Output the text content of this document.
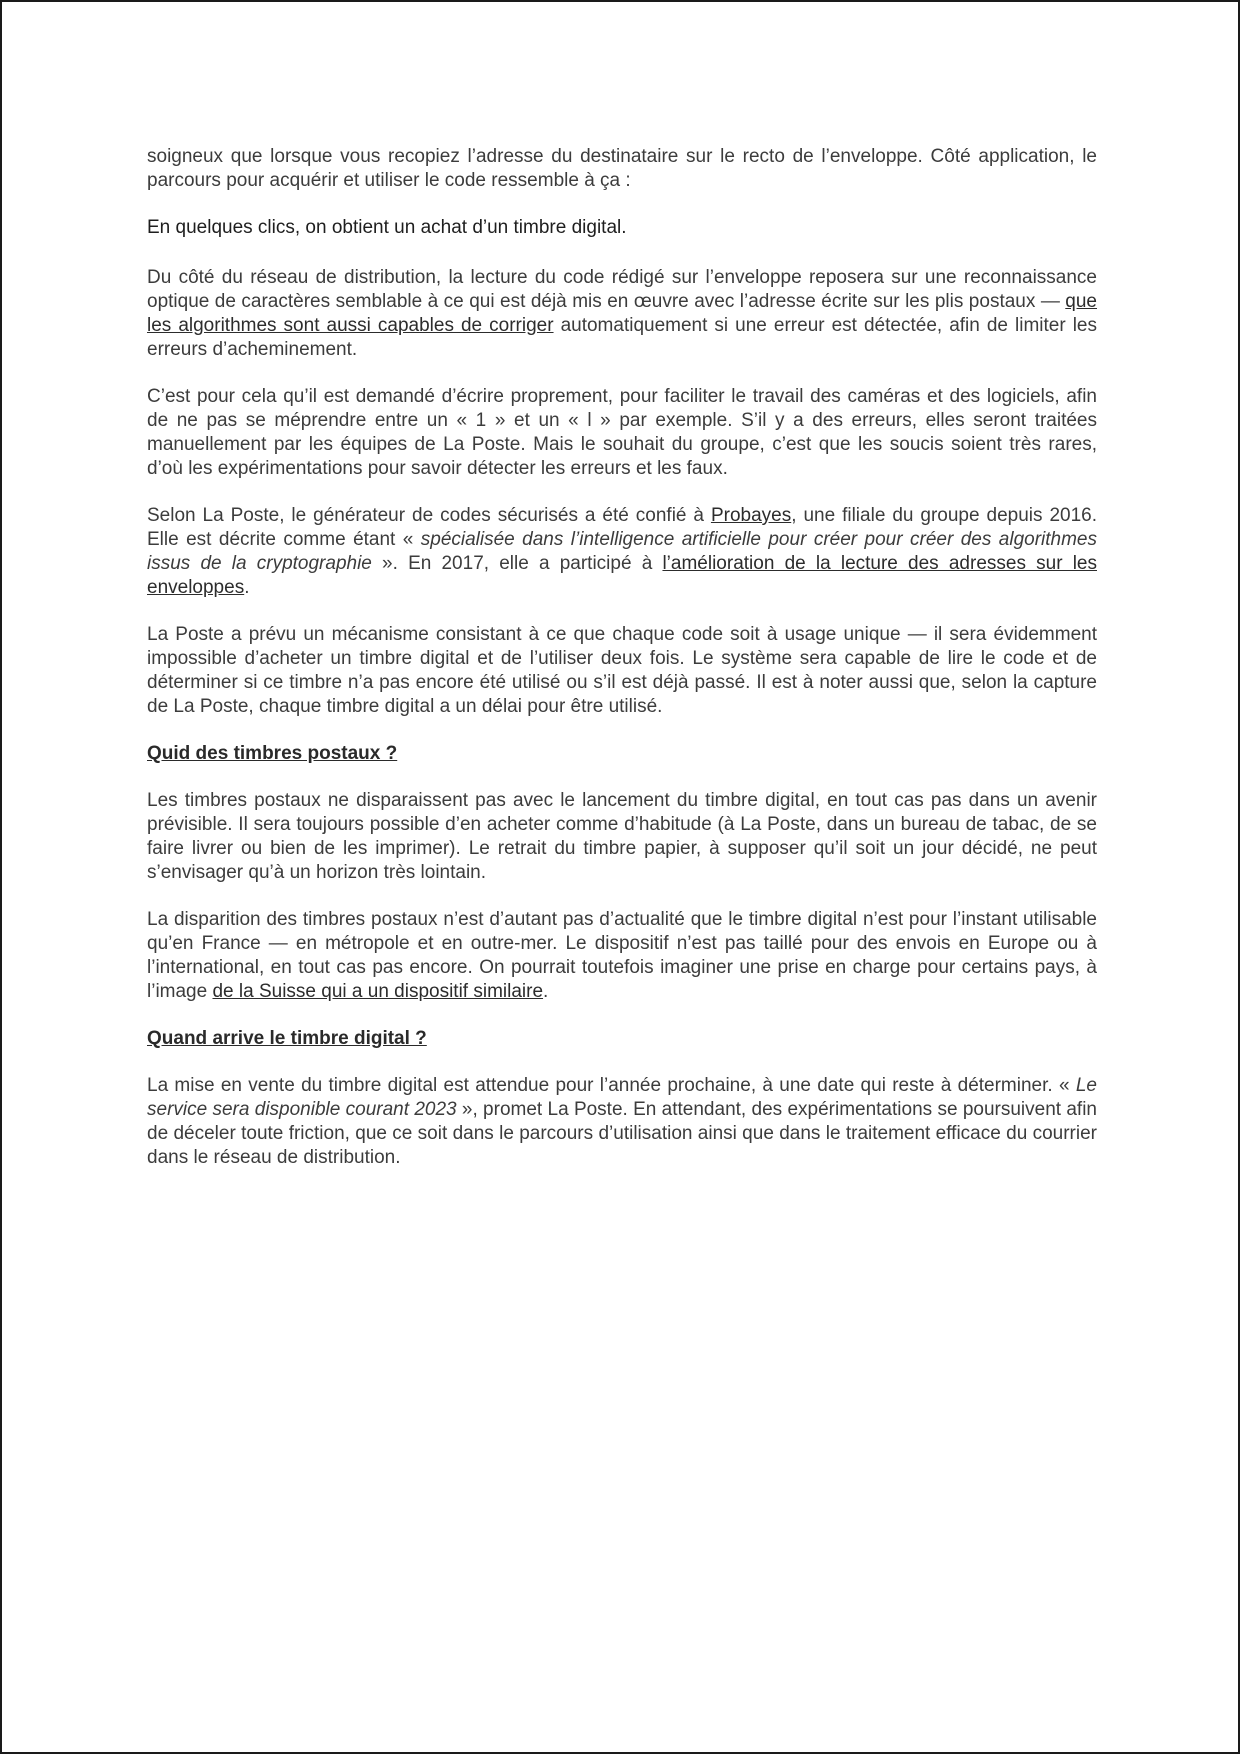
soigneux que lorsque vous recopiez l’adresse du destinataire sur le recto de l’enveloppe. Côté application, le parcours pour acquérir et utiliser le code ressemble à ça :

En quelques clics, on obtient un achat d’un timbre digital.

Du côté du réseau de distribution, la lecture du code rédigé sur l’enveloppe reposera sur une reconnaissance optique de caractères semblable à ce qui est déjà mis en œuvre avec l’adresse écrite sur les plis postaux — que les algorithmes sont aussi capables de corriger automatiquement si une erreur est détectée, afin de limiter les erreurs d’acheminement.

C’est pour cela qu’il est demandé d’écrire proprement, pour faciliter le travail des caméras et des logiciels, afin de ne pas se méprendre entre un « 1 » et un « l » par exemple. S’il y a des erreurs, elles seront traitées manuellement par les équipes de La Poste. Mais le souhait du groupe, c’est que les soucis soient très rares, d’où les expérimentations pour savoir détecter les erreurs et les faux.

Selon La Poste, le générateur de codes sécurisés a été confié à Probayes, une filiale du groupe depuis 2016. Elle est décrite comme étant « spécialisée dans l’intelligence artificielle pour créer pour créer des algorithmes issus de la cryptographie ». En 2017, elle a participé à l’amélioration de la lecture des adresses sur les enveloppes.

La Poste a prévu un mécanisme consistant à ce que chaque code soit à usage unique — il sera évidemment impossible d’acheter un timbre digital et de l’utiliser deux fois. Le système sera capable de lire le code et de déterminer si ce timbre n’a pas encore été utilisé ou s’il est déjà passé. Il est à noter aussi que, selon la capture de La Poste, chaque timbre digital a un délai pour être utilisé.

Quid des timbres postaux ?

Les timbres postaux ne disparaissent pas avec le lancement du timbre digital, en tout cas pas dans un avenir prévisible. Il sera toujours possible d’en acheter comme d’habitude (à La Poste, dans un bureau de tabac, de se faire livrer ou bien de les imprimer). Le retrait du timbre papier, à supposer qu’il soit un jour décidé, ne peut s’envisager qu’à un horizon très lointain.

La disparition des timbres postaux n’est d’autant pas d’actualité que le timbre digital n’est pour l’instant utilisable qu’en France — en métropole et en outre-mer. Le dispositif n’est pas taillé pour des envois en Europe ou à l’international, en tout cas pas encore. On pourrait toutefois imaginer une prise en charge pour certains pays, à l’image de la Suisse qui a un dispositif similaire.

Quand arrive le timbre digital ?

La mise en vente du timbre digital est attendue pour l’année prochaine, à une date qui reste à déterminer. « Le service sera disponible courant 2023 », promet La Poste. En attendant, des expérimentations se poursuivent afin de déceler toute friction, que ce soit dans le parcours d’utilisation ainsi que dans le traitement efficace du courrier dans le réseau de distribution.
